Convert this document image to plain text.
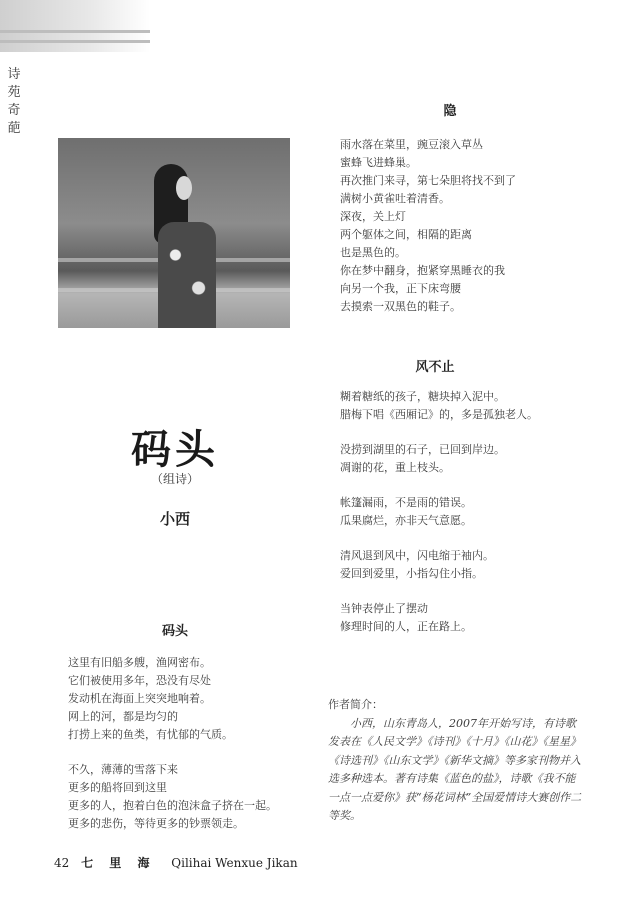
诗
苑
奇
葩
码头
（组诗）
小西
码头
这里有旧船多艘，渔网密布。
它们被使用多年，恐没有尽处
发动机在海面上突突地响着。
网上的河，都是均匀的
打捞上来的鱼类，有忧郁的气质。
不久，薄薄的雪落下来
更多的船将回到这里
更多的人，抱着白色的泡沫盒子挤在一起。
更多的悲伤，等待更多的钞票领走。
隐
雨水落在菜里，豌豆滚入草丛
蜜蜂飞进蜂巢。
再次推门来寻，第七朵胆将找不到了
满树小黄雀吐着清香。
深夜，关上灯
两个躯体之间，相隔的距离
也是黑色的。
你在梦中翻身，抱紧穿黑睡衣的我
向另一个我，正下床弯腰
去摸索一双黑色的鞋子。
风不止
糊着糖纸的孩子，糖块掉入泥中。
腊梅下唱《西厢记》的，多是孤独老人。
没捞到湖里的石子，已回到岸边。
凋谢的花，重上枝头。
帐篷漏雨，不是雨的错误。
瓜果腐烂，亦非天气意愿。
清风退到风中，闪电缩于袖内。
爱回到爱里，小指勾住小指。
当钟表停止了摆动
修理时间的人，正在路上。
作者简介：
小西，山东青岛人，2007年开始写诗，有诗歌发表在《人民文学》《诗刊》《十月》《山花》《星星》《诗选刊》《山东文学》《新华文摘》等多家刊物并入选多种选本。著有诗集《蓝色的盐》，诗歌《我不能一点一点爱你》获“杨花词林”全国爱情诗大赛创作二等奖。
42 七 里 海 Qilihai Wenxue Jikan
